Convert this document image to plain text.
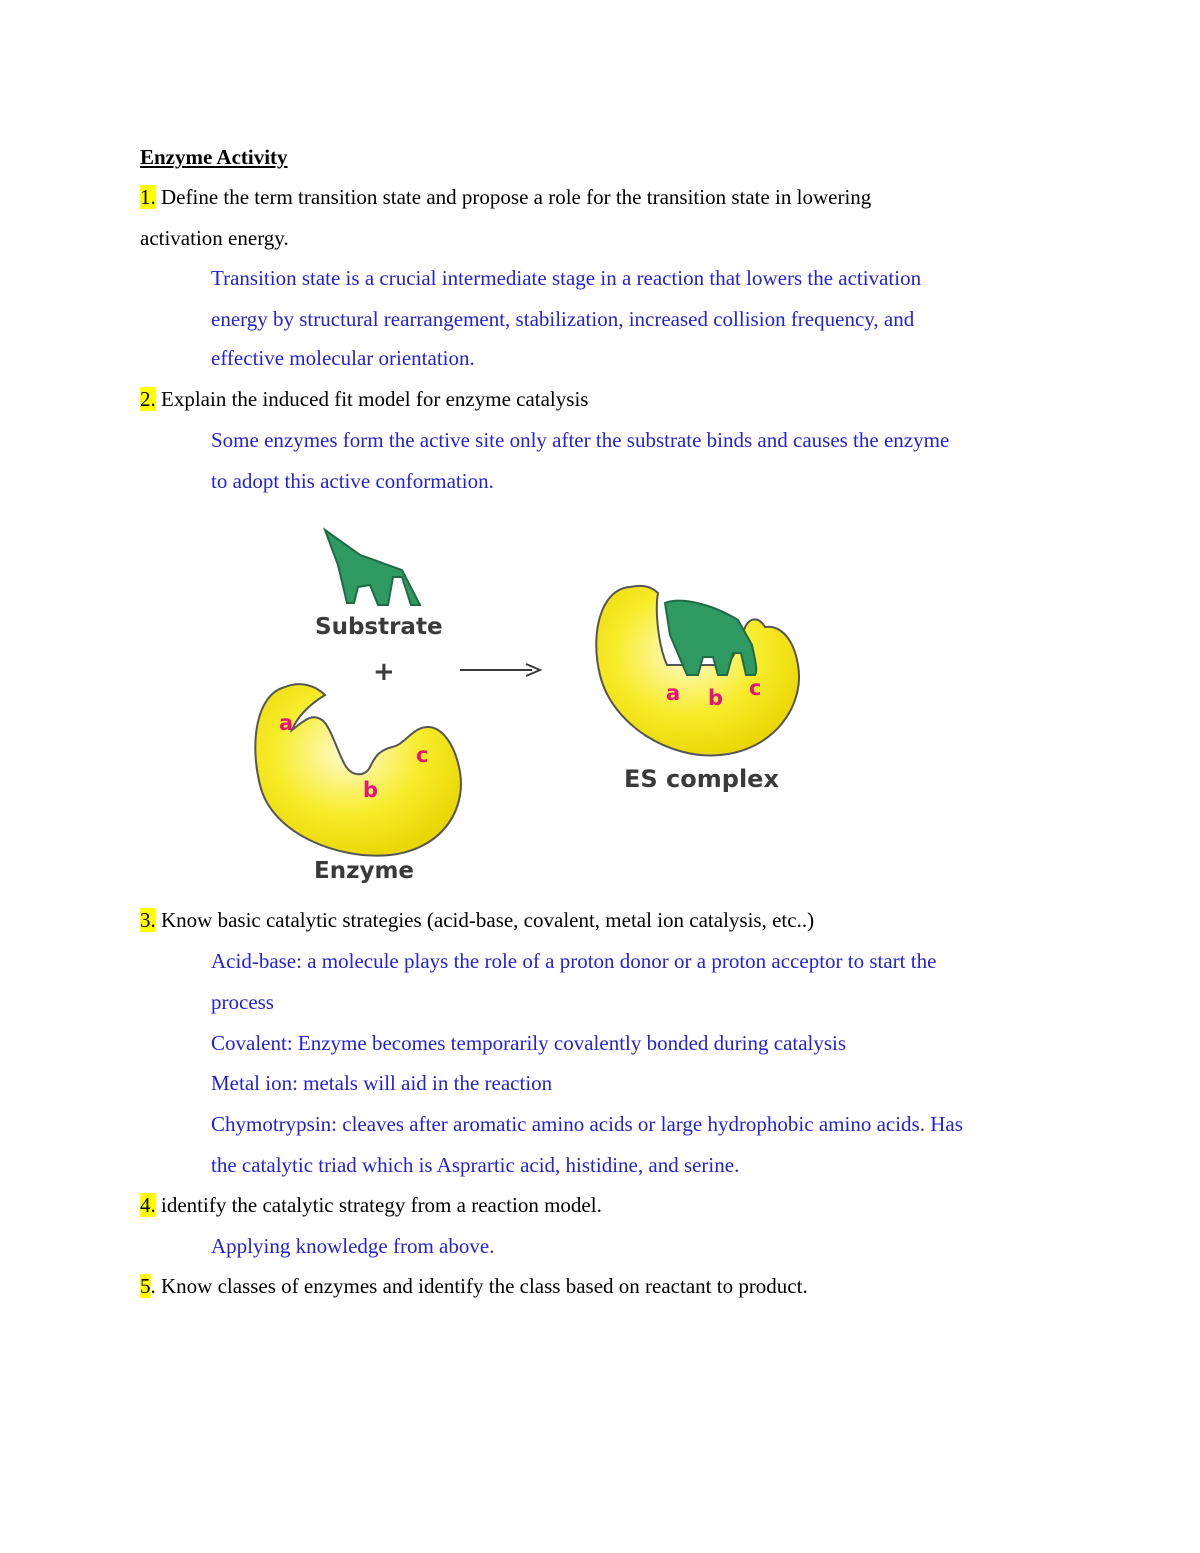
Enzyme Activity
1. Define the term transition state and propose a role for the transition state in lowering
activation energy.
Transition state is a crucial intermediate stage in a reaction that lowers the activation
energy by structural rearrangement, stabilization, increased collision frequency, and
effective molecular orientation.
2. Explain the induced fit model for enzyme catalysis
Some enzymes form the active site only after the substrate binds and causes the enzyme
to adopt this active conformation.
Substrate
+
a
b
c
Enzyme
a b c
ES complex
3. Know basic catalytic strategies (acid-base, covalent, metal ion catalysis, etc..)
Acid-base: a molecule plays the role of a proton donor or a proton acceptor to start the
process
Covalent: Enzyme becomes temporarily covalently bonded during catalysis
Metal ion: metals will aid in the reaction
Chymotrypsin: cleaves after aromatic amino acids or large hydrophobic amino acids. Has
the catalytic triad which is Asprartic acid, histidine, and serine.
4. identify the catalytic strategy from a reaction model.
Applying knowledge from above.
5. Know classes of enzymes and identify the class based on reactant to product.
